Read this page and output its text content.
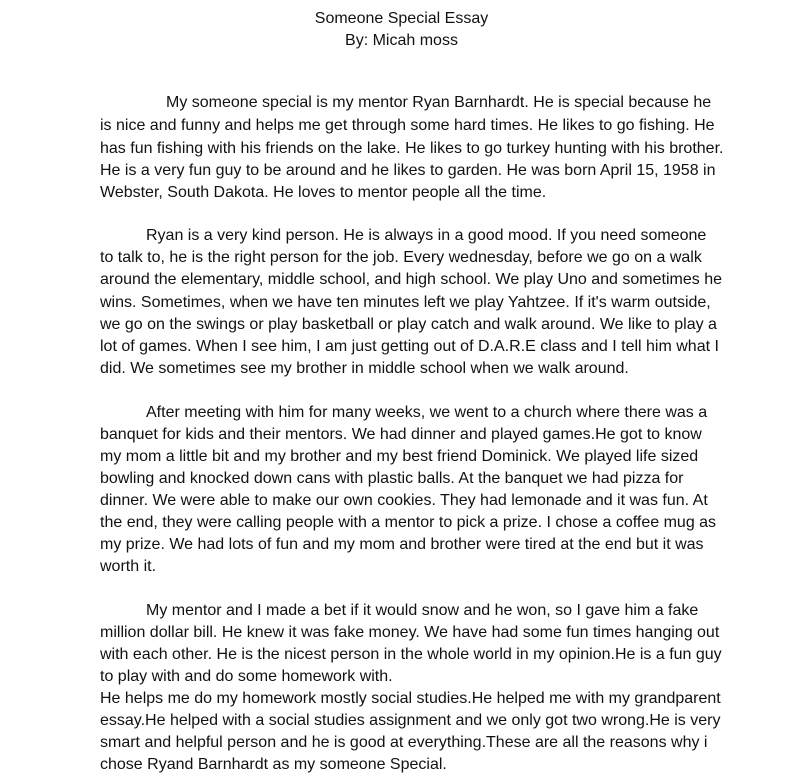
Someone Special Essay
By: Micah moss

My someone special is my mentor Ryan Barnhardt. He is special because he

is nice and funny and helps me get through some hard times. He likes to go fishing. He

has fun fishing with his friends on the lake. He likes to go turkey hunting with his brother.

He is a very fun guy to be around and he likes to garden. He was born April 15, 1958 in

Webster, South Dakota. He loves to mentor people all the time.

Ryan is a very kind person. He is always in a good mood. If you need someone

to talk to, he is the right person for the job. Every wednesday, before we go on a walk

around the elementary, middle school, and high school. We play Uno and sometimes he

wins. Sometimes, when we have ten minutes left we play Yahtzee. If it's warm outside,

we go on the swings or play basketball or play catch and walk around. We like to play a

lot of games. When I see him, I am just getting out of D.A.R.E class and I tell him what I

did. We sometimes see my brother in middle school when we walk around.

After meeting with him for many weeks, we went to a church where there was a

banquet for kids and their mentors. We had dinner and played games.He got to know

my mom a little bit and my brother and my best friend Dominick. We played life sized

bowling and knocked down cans with plastic balls. At the banquet we had pizza for

dinner. We were able to make our own cookies. They had lemonade and it was fun. At

the end, they were calling people with a mentor to pick a prize. I chose a coffee mug as

my prize. We had lots of fun and my mom and brother were tired at the end but it was

worth it.

My mentor and I made a bet if it would snow and he won, so I gave him a fake

million dollar bill. He knew it was fake money. We have had some fun times hanging out

with each other. He is the nicest person in the whole world in my opinion.He is a fun guy

to play with and do some homework with.

He helps me do my homework mostly social studies.He helped me with my grandparent

essay.He helped with a social studies assignment and we only got two wrong.He is very

smart and helpful person and he is good at everything.These are all the reasons why i

chose Ryand Barnhardt as my someone Special.
